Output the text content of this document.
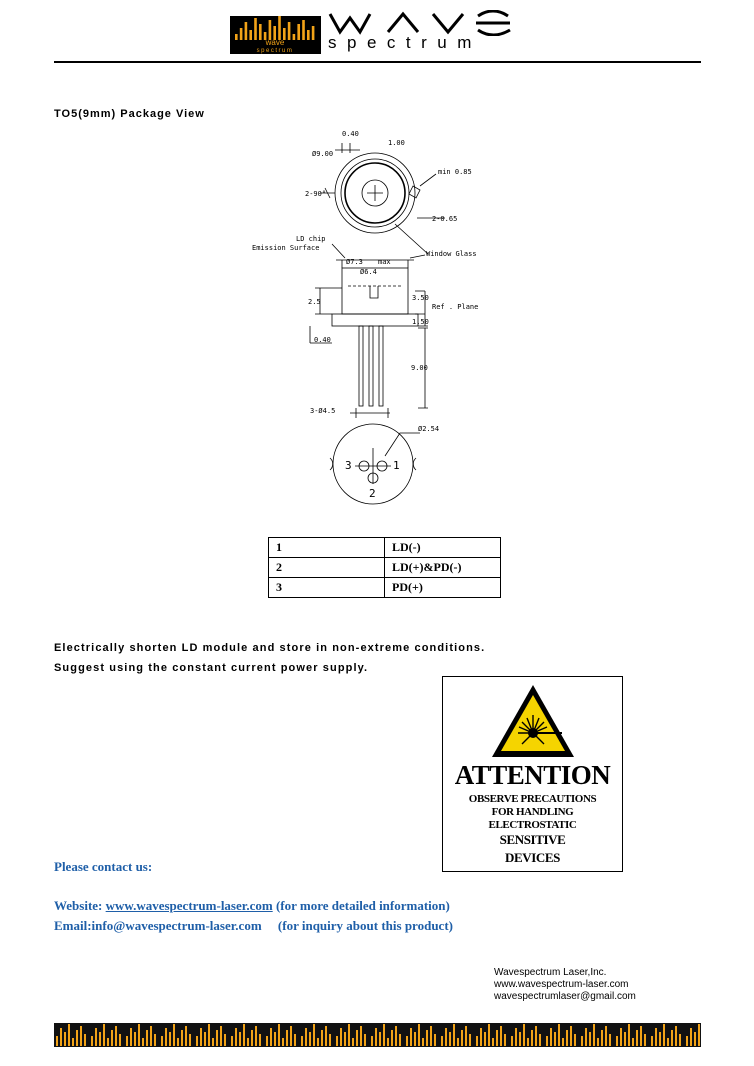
wave
spectrum
wave
spectrum
TO5(9mm) Package View
0.40
1.00
Ø9.00
min 0.85
2-90°
2-0.65
LD chip
Emission Surface
Window Glass
Ø7.3 max
Ø6.4
2.5	3.50
Ref . Plane
1.50
0.40
9.00
3-Ø4.5
Ø2.54
1
2
3
1	LD(-)
2	LD(+)&PD(-)
3	PD(+)
Electrically shorten LD module and store in non-extreme conditions.
Suggest using the constant current power supply.
ATTENTION
OBSERVE PRECAUTIONS
FOR HANDLING
ELECTROSTATIC
SENSITIVE
DEVICES
Please contact us:
Website: www.wavespectrum-laser.com (for more detailed information)
Email:info@wavespectrum-laser.com (for inquiry about this product)
Wavespectrum Laser,Inc.
www.wavespectrum-laser.com
wavespectrumlaser@gmail.com
